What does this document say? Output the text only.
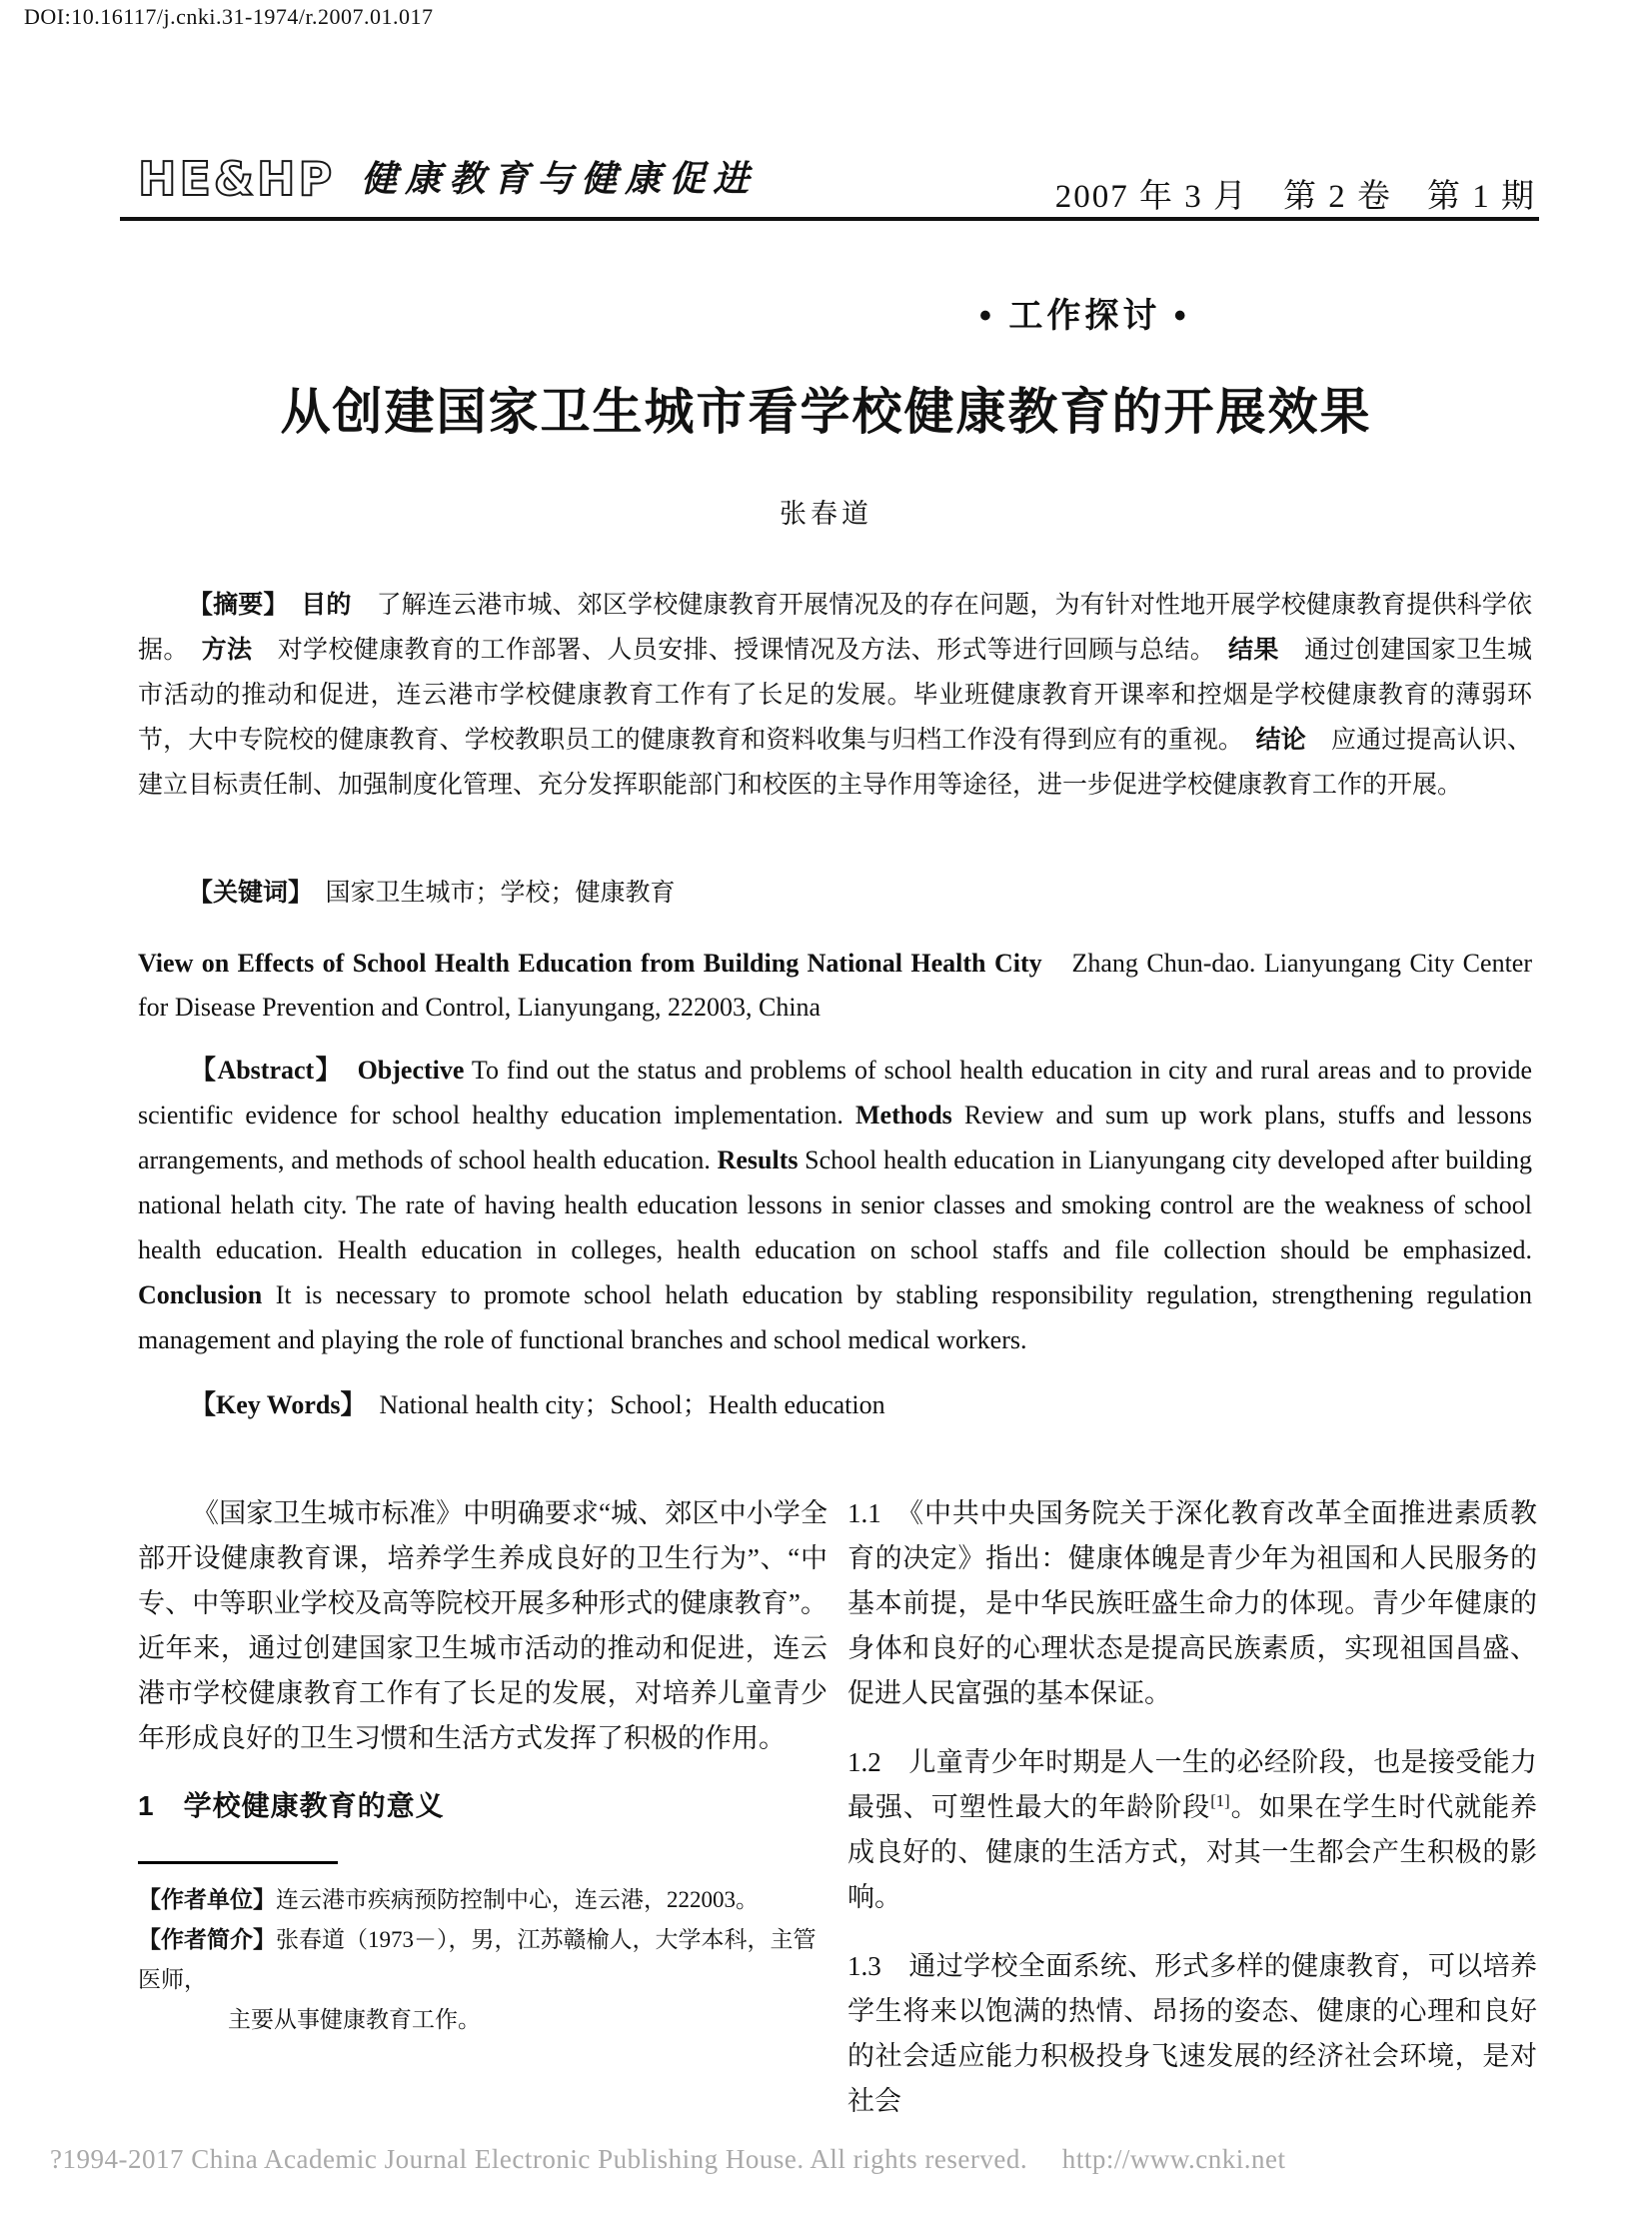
DOI:10.16117/j.cnki.31-1974/r.2007.01.017
HE&HP 健康教育与健康促进	2007 年 3 月　第 2 卷　第 1 期
• 工作探讨 •
从创建国家卫生城市看学校健康教育的开展效果
张春道
【摘要】　目的　了解连云港市城、郊区学校健康教育开展情况及的存在问题，为有针对性地开展学校健康教育提供科学依据。　方法　对学校健康教育的工作部署、人员安排、授课情况及方法、形式等进行回顾与总结。　结果　通过创建国家卫生城市活动的推动和促进，连云港市学校健康教育工作有了长足的发展。毕业班健康教育开课率和控烟是学校健康教育的薄弱环节，大中专院校的健康教育、学校教职员工的健康教育和资料收集与归档工作没有得到应有的重视。　结论　应通过提高认识、建立目标责任制、加强制度化管理、充分发挥职能部门和校医的主导作用等途径，进一步促进学校健康教育工作的开展。
【关键词】　国家卫生城市；学校；健康教育
View on Effects of School Health Education from Building National Health City　Zhang Chun-dao. Lianyungang City Center for Disease Prevention and Control, Lianyungang, 222003, China
【Abstract】　Objective To find out the status and problems of school health education in city and rural areas and to provide scientific evidence for school healthy education implementation. Methods Review and sum up work plans, stuffs and lessons arrangements, and methods of school health education. Results School health education in Lianyungang city developed after building national helath city. The rate of having health education lessons in senior classes and smoking control are the weakness of school health education. Health education in colleges, health education on school staffs and file collection should be emphasized. Conclusion It is necessary to promote school helath education by stabling responsibility regulation, strengthening regulation management and playing the role of functional branches and school medical workers.
【Key Words】　National health city；School；Health education
《国家卫生城市标准》中明确要求“城、郊区中小学全部开设健康教育课，培养学生养成良好的卫生行为”、“中专、中等职业学校及高等院校开展多种形式的健康教育”。近年来，通过创建国家卫生城市活动的推动和促进，连云港市学校健康教育工作有了长足的发展，对培养儿童青少年形成良好的卫生习惯和生活方式发挥了积极的作用。
1　学校健康教育的意义
【作者单位】连云港市疾病预防控制中心，连云港，222003。
【作者简介】张春道（1973－），男，江苏赣榆人，大学本科，主管医师，
主要从事健康教育工作。
1.1　《中共中央国务院关于深化教育改革全面推进素质教育的决定》指出：健康体魄是青少年为祖国和人民服务的基本前提，是中华民族旺盛生命力的体现。青少年健康的身体和良好的心理状态是提高民族素质，实现祖国昌盛、促进人民富强的基本保证。
1.2　儿童青少年时期是人一生的必经阶段，也是接受能力最强、可塑性最大的年龄阶段[1]。如果在学生时代就能养成良好的、健康的生活方式，对其一生都会产生积极的影响。
1.3　通过学校全面系统、形式多样的健康教育，可以培养学生将来以饱满的热情、昂扬的姿态、健康的心理和良好的社会适应能力积极投身飞速发展的经济社会环境，是对社会
?1994-2017 China Academic Journal Electronic Publishing House. All rights reserved.　 http://www.cnki.net
